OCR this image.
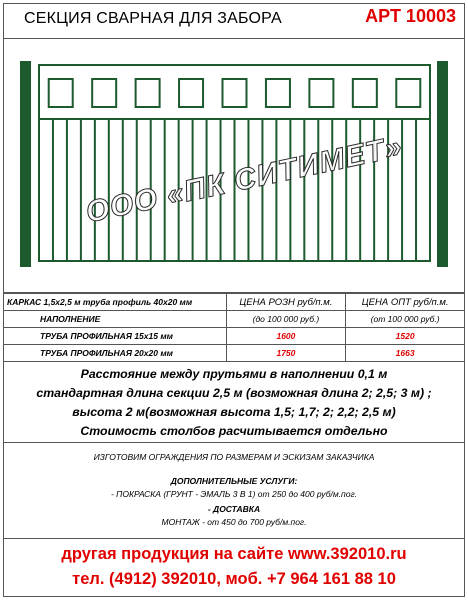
СЕКЦИЯ СВАРНАЯ ДЛЯ ЗАБОРА	АРТ 10003
ООО «ПК СИТИМЕТ»
КАРКАС 1,5х2,5 м труба профиль 40х20 мм	ЦЕНА РОЗН руб/п.м.	ЦЕНА ОПТ руб/п.м.
НАПОЛНЕНИЕ	(до 100 000 руб.)	(от 100 000 руб.)
ТРУБА ПРОФИЛЬНАЯ 15х15 мм	1600	1520
ТРУБА ПРОФИЛЬНАЯ 20х20 мм	1750	1663
Расстояние между прутьями в наполнении 0,1 м
стандартная длина секции 2,5 м (возможная длина 2; 2,5; 3 м) ;
высота 2 м(возможная высота 1,5; 1,7; 2; 2,2; 2,5 м)
Стоимость столбов расчитывается отдельно
ИЗГОТОВИМ ОГРАЖДЕНИЯ ПО РАЗМЕРАМ И ЭСКИЗАМ ЗАКАЗЧИКА
ДОПОЛНИТЕЛЬНЫЕ УСЛУГИ:
- ПОКРАСКА (ГРУНТ - ЭМАЛЬ 3 В 1) от 250 до 400 руб/м.пог.
- ДОСТАВКА
МОНТАЖ - от 450 до 700 руб/м.пог.
другая продукция на сайте www.392010.ru
тел. (4912) 392010, моб. +7 964 161 88 10
